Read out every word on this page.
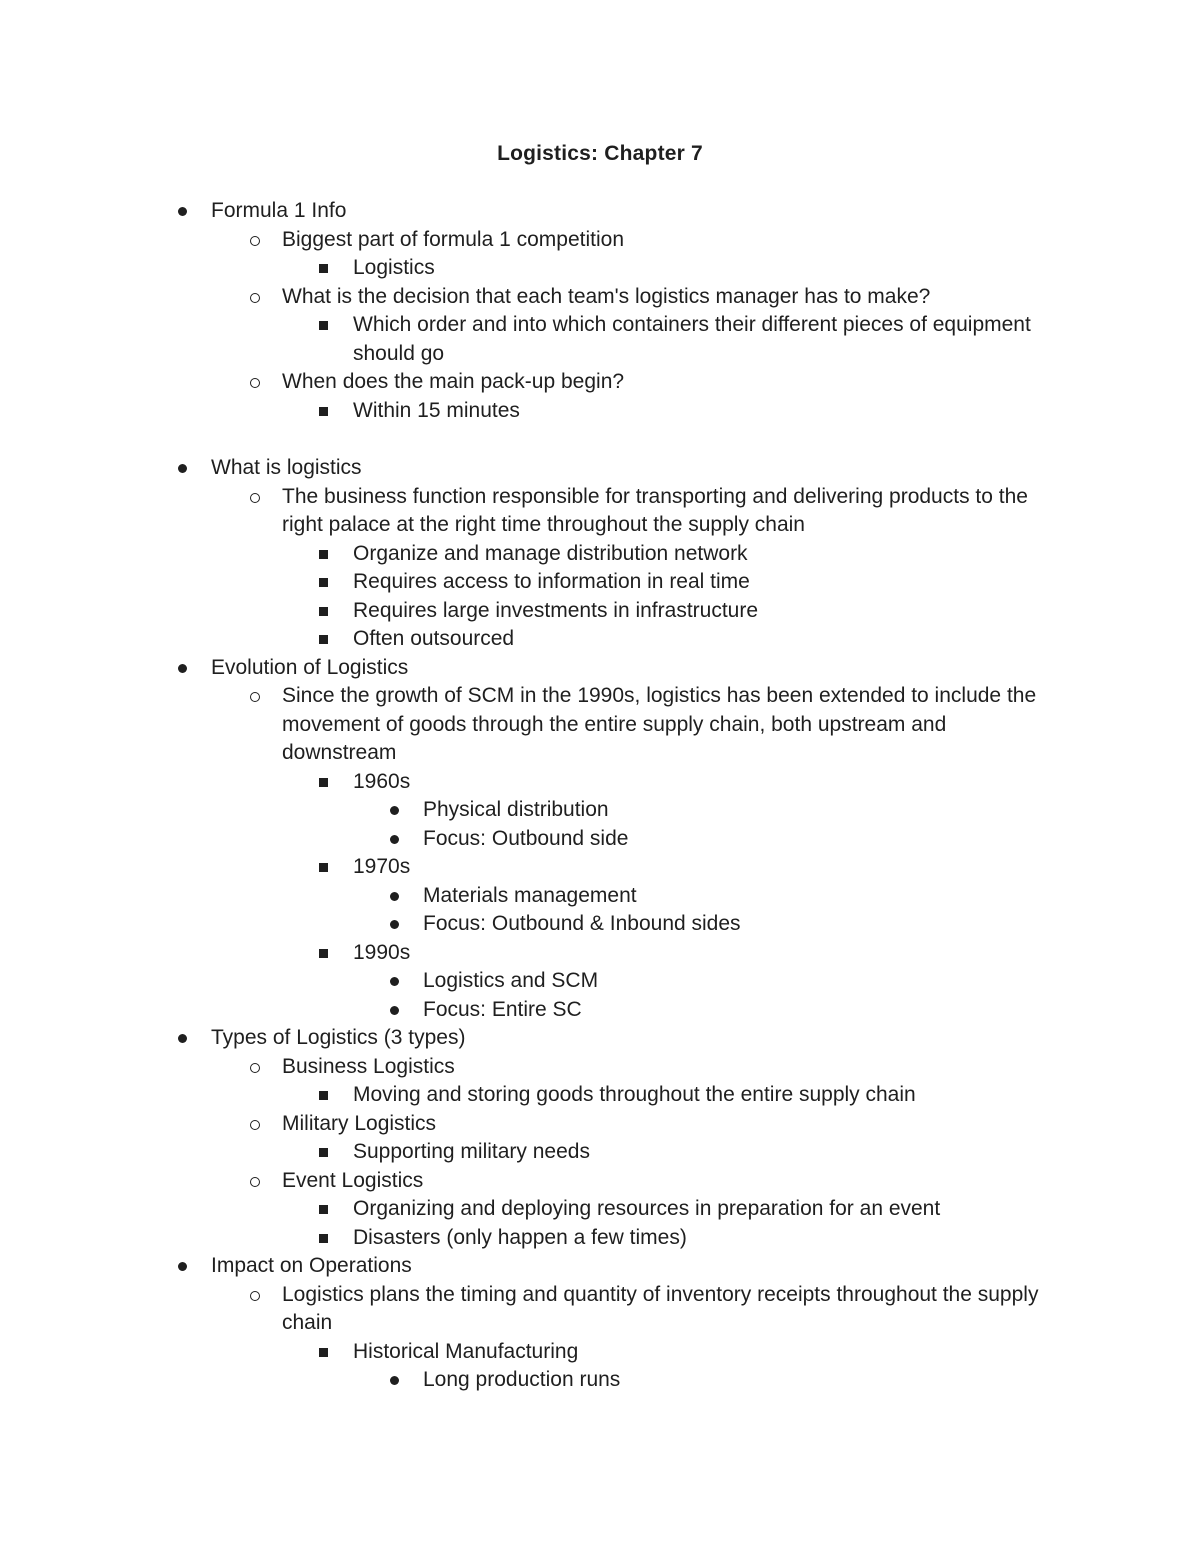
Logistics: Chapter 7
Formula 1 Info
Biggest part of formula 1 competition
Logistics
What is the decision that each team's logistics manager has to make?
Which order and into which containers their different pieces of equipment should go
When does the main pack-up begin?
Within 15 minutes
What is logistics
The business function responsible for transporting and delivering products to the right palace at the right time throughout the supply chain
Organize and manage distribution network
Requires access to information in real time
Requires large investments in infrastructure
Often outsourced
Evolution of Logistics
Since the growth of SCM in the 1990s, logistics has been extended to include the movement of goods through the entire supply chain, both upstream and downstream
1960s
Physical distribution
Focus: Outbound side
1970s
Materials management
Focus: Outbound & Inbound sides
1990s
Logistics and SCM
Focus: Entire SC
Types of Logistics (3 types)
Business Logistics
Moving and storing goods throughout the entire supply chain
Military Logistics
Supporting military needs
Event Logistics
Organizing and deploying resources in preparation for an event
Disasters (only happen a few times)
Impact on Operations
Logistics plans the timing and quantity of inventory receipts throughout the supply chain
Historical Manufacturing
Long production runs
